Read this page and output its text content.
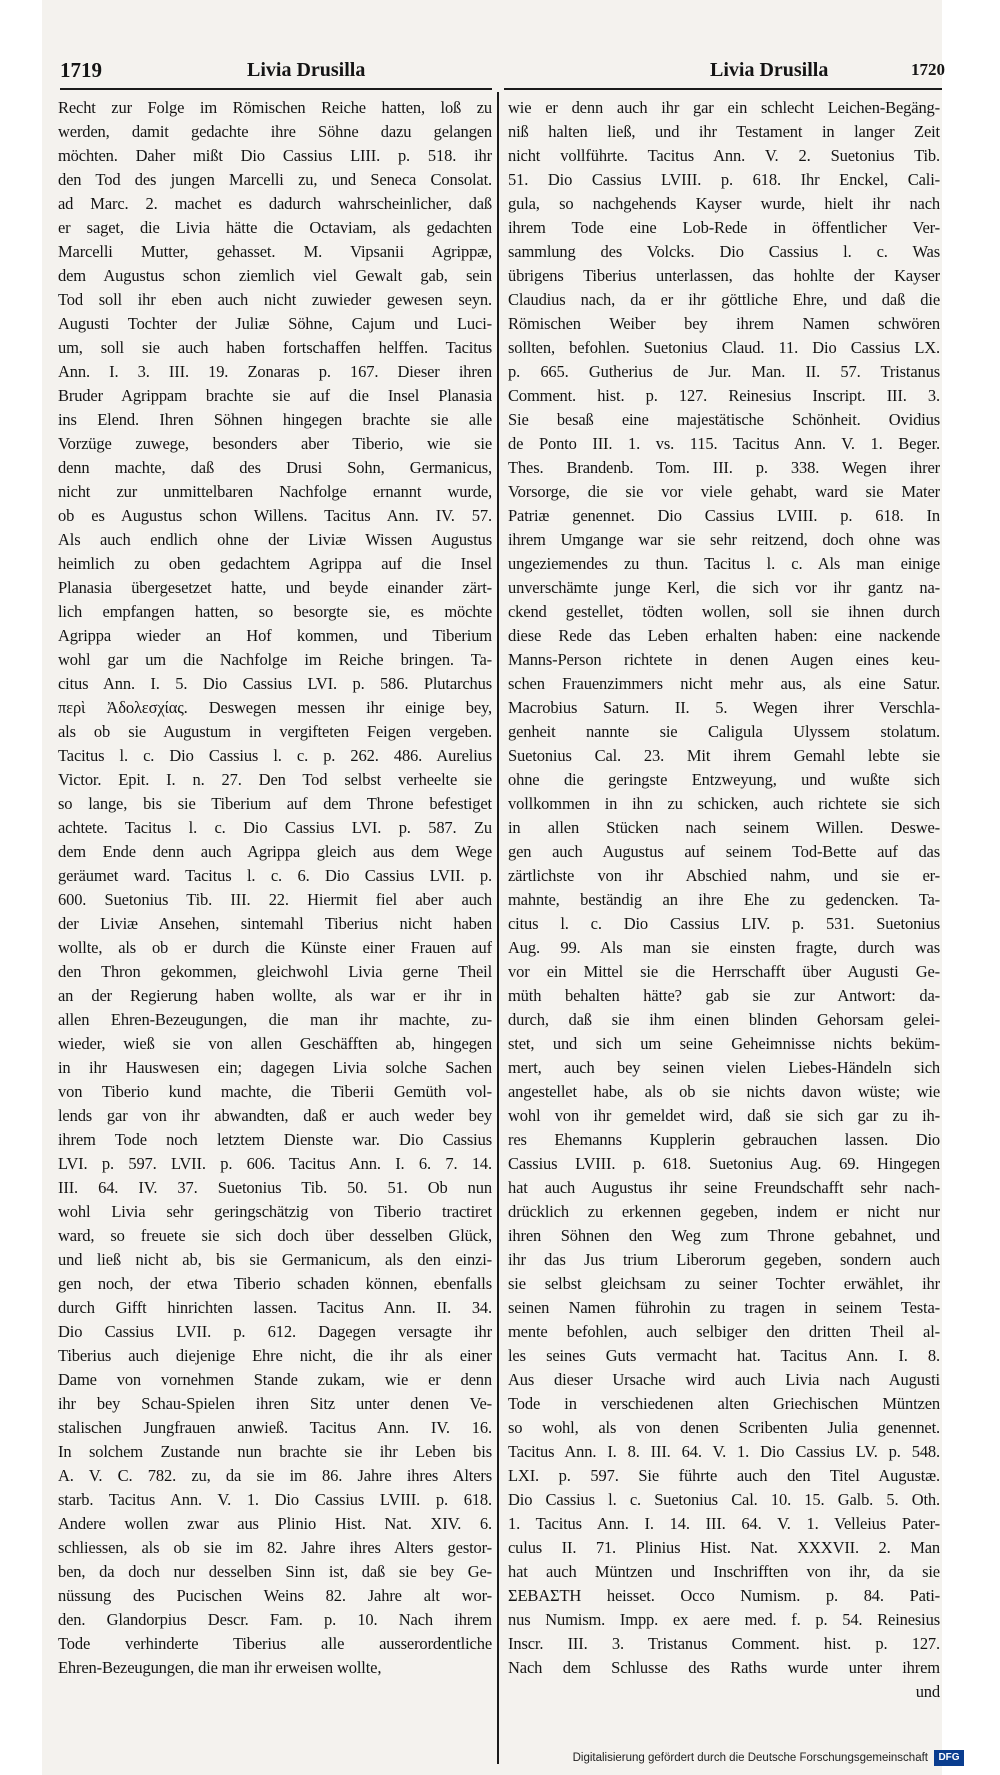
1719	Livia Drusilla	Livia Drusilla	1720
Recht zur Folge im Römischen Reiche hatten, loß zu
werden, damit gedachte ihre Söhne dazu gelangen
möchten. Daher mißt Dio Cassius LIII. p. 518. ihr
den Tod des jungen Marcelli zu, und Seneca Consolat.
ad Marc. 2. machet es dadurch wahrscheinlicher, daß
er saget, die Livia hätte die Octaviam, als gedachten
Marcelli Mutter, gehasset. M. Vipsanii Agrippæ,
dem Augustus schon ziemlich viel Gewalt gab, sein
Tod soll ihr eben auch nicht zuwieder gewesen seyn.
Augusti Tochter der Juliæ Söhne, Cajum und Luci-
um, soll sie auch haben fortschaffen helffen. Tacitus
Ann. I. 3. III. 19. Zonaras p. 167. Dieser ihren
Bruder Agrippam brachte sie auf die Insel Planasia
ins Elend. Ihren Söhnen hingegen brachte sie alle
Vorzüge zuwege, besonders aber Tiberio, wie sie
denn machte, daß des Drusi Sohn, Germanicus,
nicht zur unmittelbaren Nachfolge ernannt wurde,
ob es Augustus schon Willens. Tacitus Ann. IV. 57.
Als auch endlich ohne der Liviæ Wissen Augustus
heimlich zu oben gedachtem Agrippa auf die Insel
Planasia übergesetzet hatte, und beyde einander zärt-
lich empfangen hatten, so besorgte sie, es möchte
Agrippa wieder an Hof kommen, und Tiberium
wohl gar um die Nachfolge im Reiche bringen. Ta-
citus Ann. I. 5. Dio Cassius LVI. p. 586. Plutarchus
περὶ Ἀδολεσχίας. Deswegen messen ihr einige bey,
als ob sie Augustum in vergifteten Feigen vergeben.
Tacitus l. c. Dio Cassius l. c. p. 262. 486. Aurelius
Victor. Epit. I. n. 27. Den Tod selbst verheelte sie
so lange, bis sie Tiberium auf dem Throne befestiget
achtete. Tacitus l. c. Dio Cassius LVI. p. 587. Zu
dem Ende denn auch Agrippa gleich aus dem Wege
geräumet ward. Tacitus l. c. 6. Dio Cassius LVII. p.
600. Suetonius Tib. III. 22. Hiermit fiel aber auch
der Liviæ Ansehen, sintemahl Tiberius nicht haben
wollte, als ob er durch die Künste einer Frauen auf
den Thron gekommen, gleichwohl Livia gerne Theil
an der Regierung haben wollte, als war er ihr in
allen Ehren-Bezeugungen, die man ihr machte, zu-
wieder, wieß sie von allen Geschäfften ab, hingegen
in ihr Hauswesen ein; dagegen Livia solche Sachen
von Tiberio kund machte, die Tiberii Gemüth vol-
lends gar von ihr abwandten, daß er auch weder bey
ihrem Tode noch letztem Dienste war. Dio Cassius
LVI. p. 597. LVII. p. 606. Tacitus Ann. I. 6. 7. 14.
III. 64. IV. 37. Suetonius Tib. 50. 51. Ob nun
wohl Livia sehr geringschätzig von Tiberio tractiret
ward, so freuete sie sich doch über desselben Glück,
und ließ nicht ab, bis sie Germanicum, als den einzi-
gen noch, der etwa Tiberio schaden können, ebenfalls
durch Gifft hinrichten lassen. Tacitus Ann. II. 34.
Dio Cassius LVII. p. 612. Dagegen versagte ihr
Tiberius auch diejenige Ehre nicht, die ihr als einer
Dame von vornehmen Stande zukam, wie er denn
ihr bey Schau-Spielen ihren Sitz unter denen Ve-
stalischen Jungfrauen anwieß. Tacitus Ann. IV. 16.
In solchem Zustande nun brachte sie ihr Leben bis
A. V. C. 782. zu, da sie im 86. Jahre ihres Alters
starb. Tacitus Ann. V. 1. Dio Cassius LVIII. p. 618.
Andere wollen zwar aus Plinio Hist. Nat. XIV. 6.
schliessen, als ob sie im 82. Jahre ihres Alters gestor-
ben, da doch nur desselben Sinn ist, daß sie bey Ge-
nüssung des Pucischen Weins 82. Jahre alt wor-
den. Glandorpius Descr. Fam. p. 10. Nach ihrem
Tode verhinderte Tiberius alle ausserordentliche
Ehren-Bezeugungen, die man ihr erweisen wollte,
wie er denn auch ihr gar ein schlecht Leichen-Begäng-
niß halten ließ, und ihr Testament in langer Zeit
nicht vollführte. Tacitus Ann. V. 2. Suetonius Tib.
51. Dio Cassius LVIII. p. 618. Ihr Enckel, Cali-
gula, so nachgehends Kayser wurde, hielt ihr nach
ihrem Tode eine Lob-Rede in öffentlicher Ver-
sammlung des Volcks. Dio Cassius l. c. Was
übrigens Tiberius unterlassen, das hohlte der Kayser
Claudius nach, da er ihr göttliche Ehre, und daß die
Römischen Weiber bey ihrem Namen schwören
sollten, befohlen. Suetonius Claud. 11. Dio Cassius LX.
p. 665. Gutherius de Jur. Man. II. 57. Tristanus
Comment. hist. p. 127. Reinesius Inscript. III. 3.
Sie besaß eine majestätische Schönheit. Ovidius
de Ponto III. 1. vs. 115. Tacitus Ann. V. 1. Beger.
Thes. Brandenb. Tom. III. p. 338. Wegen ihrer
Vorsorge, die sie vor viele gehabt, ward sie Mater
Patriæ genennet. Dio Cassius LVIII. p. 618. In
ihrem Umgange war sie sehr reitzend, doch ohne was
ungeziemendes zu thun. Tacitus l. c. Als man einige
unverschämte junge Kerl, die sich vor ihr gantz na-
ckend gestellet, tödten wollen, soll sie ihnen durch
diese Rede das Leben erhalten haben: eine nackende
Manns-Person richtete in denen Augen eines keu-
schen Frauenzimmers nicht mehr aus, als eine Satur.
Macrobius Saturn. II. 5. Wegen ihrer Verschla-
genheit nannte sie Caligula Ulyssem stolatum.
Suetonius Cal. 23. Mit ihrem Gemahl lebte sie
ohne die geringste Entzweyung, und wußte sich
vollkommen in ihn zu schicken, auch richtete sie sich
in allen Stücken nach seinem Willen. Deswe-
gen auch Augustus auf seinem Tod-Bette auf das
zärtlichste von ihr Abschied nahm, und sie er-
mahnte, beständig an ihre Ehe zu gedencken. Ta-
citus l. c. Dio Cassius LIV. p. 531. Suetonius
Aug. 99. Als man sie einsten fragte, durch was
vor ein Mittel sie die Herrschafft über Augusti Ge-
müth behalten hätte? gab sie zur Antwort: da-
durch, daß sie ihm einen blinden Gehorsam gelei-
stet, und sich um seine Geheimnisse nichts beküm-
mert, auch bey seinen vielen Liebes-Händeln sich
angestellet habe, als ob sie nichts davon wüste; wie
wohl von ihr gemeldet wird, daß sie sich gar zu ih-
res Ehemanns Kupplerin gebrauchen lassen. Dio
Cassius LVIII. p. 618. Suetonius Aug. 69. Hingegen
hat auch Augustus ihr seine Freundschafft sehr nach-
drücklich zu erkennen gegeben, indem er nicht nur
ihren Söhnen den Weg zum Throne gebahnet, und
ihr das Jus trium Liberorum gegeben, sondern auch
sie selbst gleichsam zu seiner Tochter erwählet, ihr
seinen Namen führohin zu tragen in seinem Testa-
mente befohlen, auch selbiger den dritten Theil al-
les seines Guts vermacht hat. Tacitus Ann. I. 8.
Aus dieser Ursache wird auch Livia nach Augusti
Tode in verschiedenen alten Griechischen Müntzen
so wohl, als von denen Scribenten Julia genennet.
Tacitus Ann. I. 8. III. 64. V. 1. Dio Cassius LV. p. 548.
LXI. p. 597. Sie führte auch den Titel Augustæ.
Dio Cassius l. c. Suetonius Cal. 10. 15. Galb. 5. Oth.
1. Tacitus Ann. I. 14. III. 64. V. 1. Velleius Pater-
culus II. 71. Plinius Hist. Nat. XXXVII. 2. Man
hat auch Müntzen und Inschrifften von ihr, da sie
ΣΕΒΑΣΤΗ heisset. Occo Numism. p. 84. Pati-
nus Numism. Impp. ex aere med. f. p. 54. Reinesius
Inscr. III. 3. Tristanus Comment. hist. p. 127.
Nach dem Schlusse des Raths wurde unter ihrem
und
Digitalisierung gefördert durch die Deutsche Forschungsgemeinschaft	DFG
